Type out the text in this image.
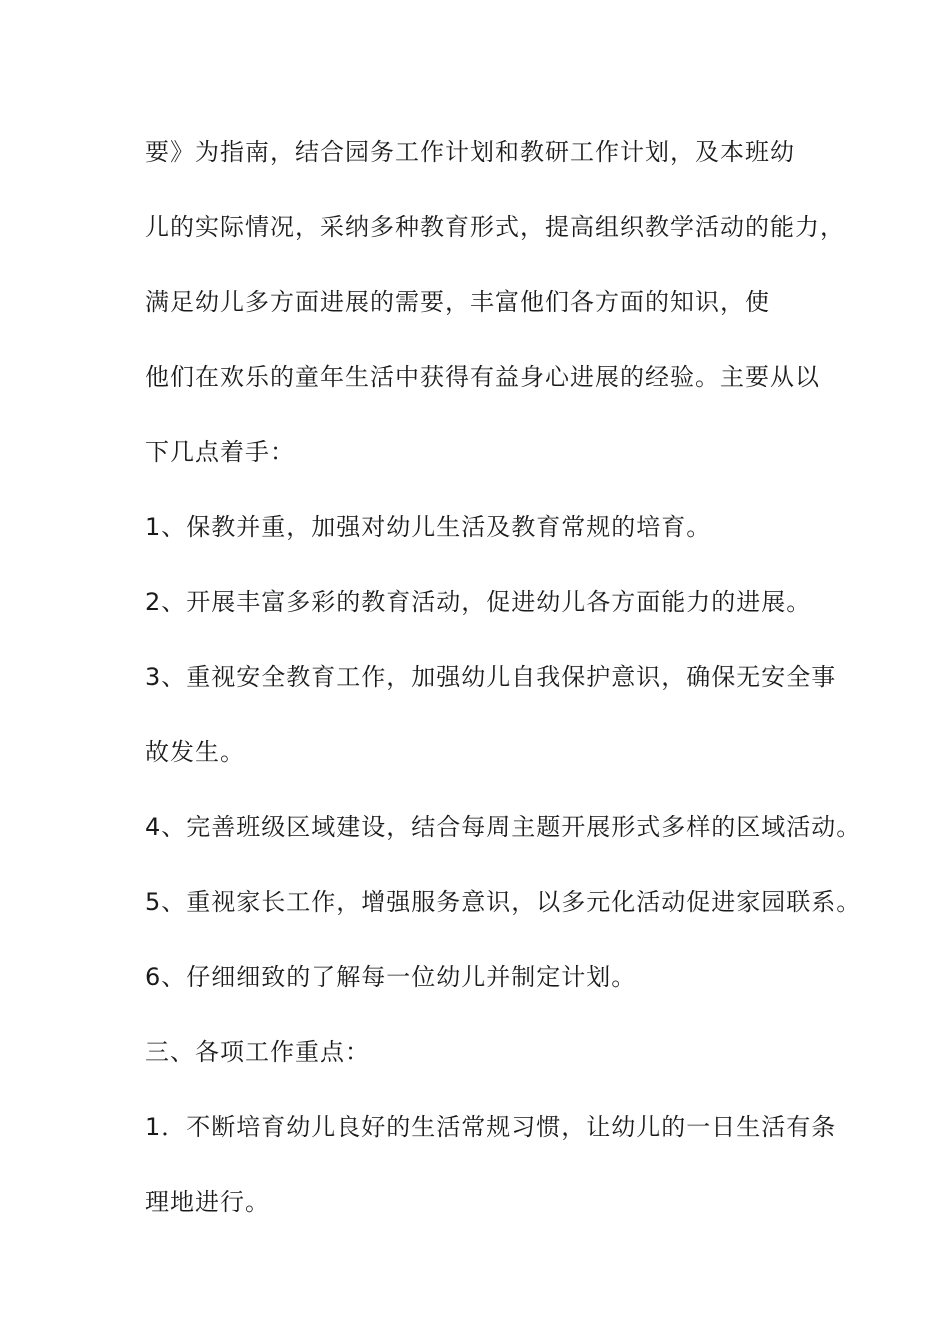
要》为指南，结合园务工作计划和教研工作计划，及本班幼
儿的实际情况，采纳多种教育形式，提高组织教学活动的能力，
满足幼儿多方面进展的需要，丰富他们各方面的知识，使
他们在欢乐的童年生活中获得有益身心进展的经验。主要从以
下几点着手：
1、保教并重，加强对幼儿生活及教育常规的培育。
2、开展丰富多彩的教育活动，促进幼儿各方面能力的进展。
3、重视安全教育工作，加强幼儿自我保护意识，确保无安全事
故发生。
4、完善班级区域建设，结合每周主题开展形式多样的区域活动。
5、重视家长工作，增强服务意识，以多元化活动促进家园联系。
6、仔细细致的了解每一位幼儿并制定计划。
三、各项工作重点：
1．不断培育幼儿良好的生活常规习惯，让幼儿的一日生活有条
理地进行。
